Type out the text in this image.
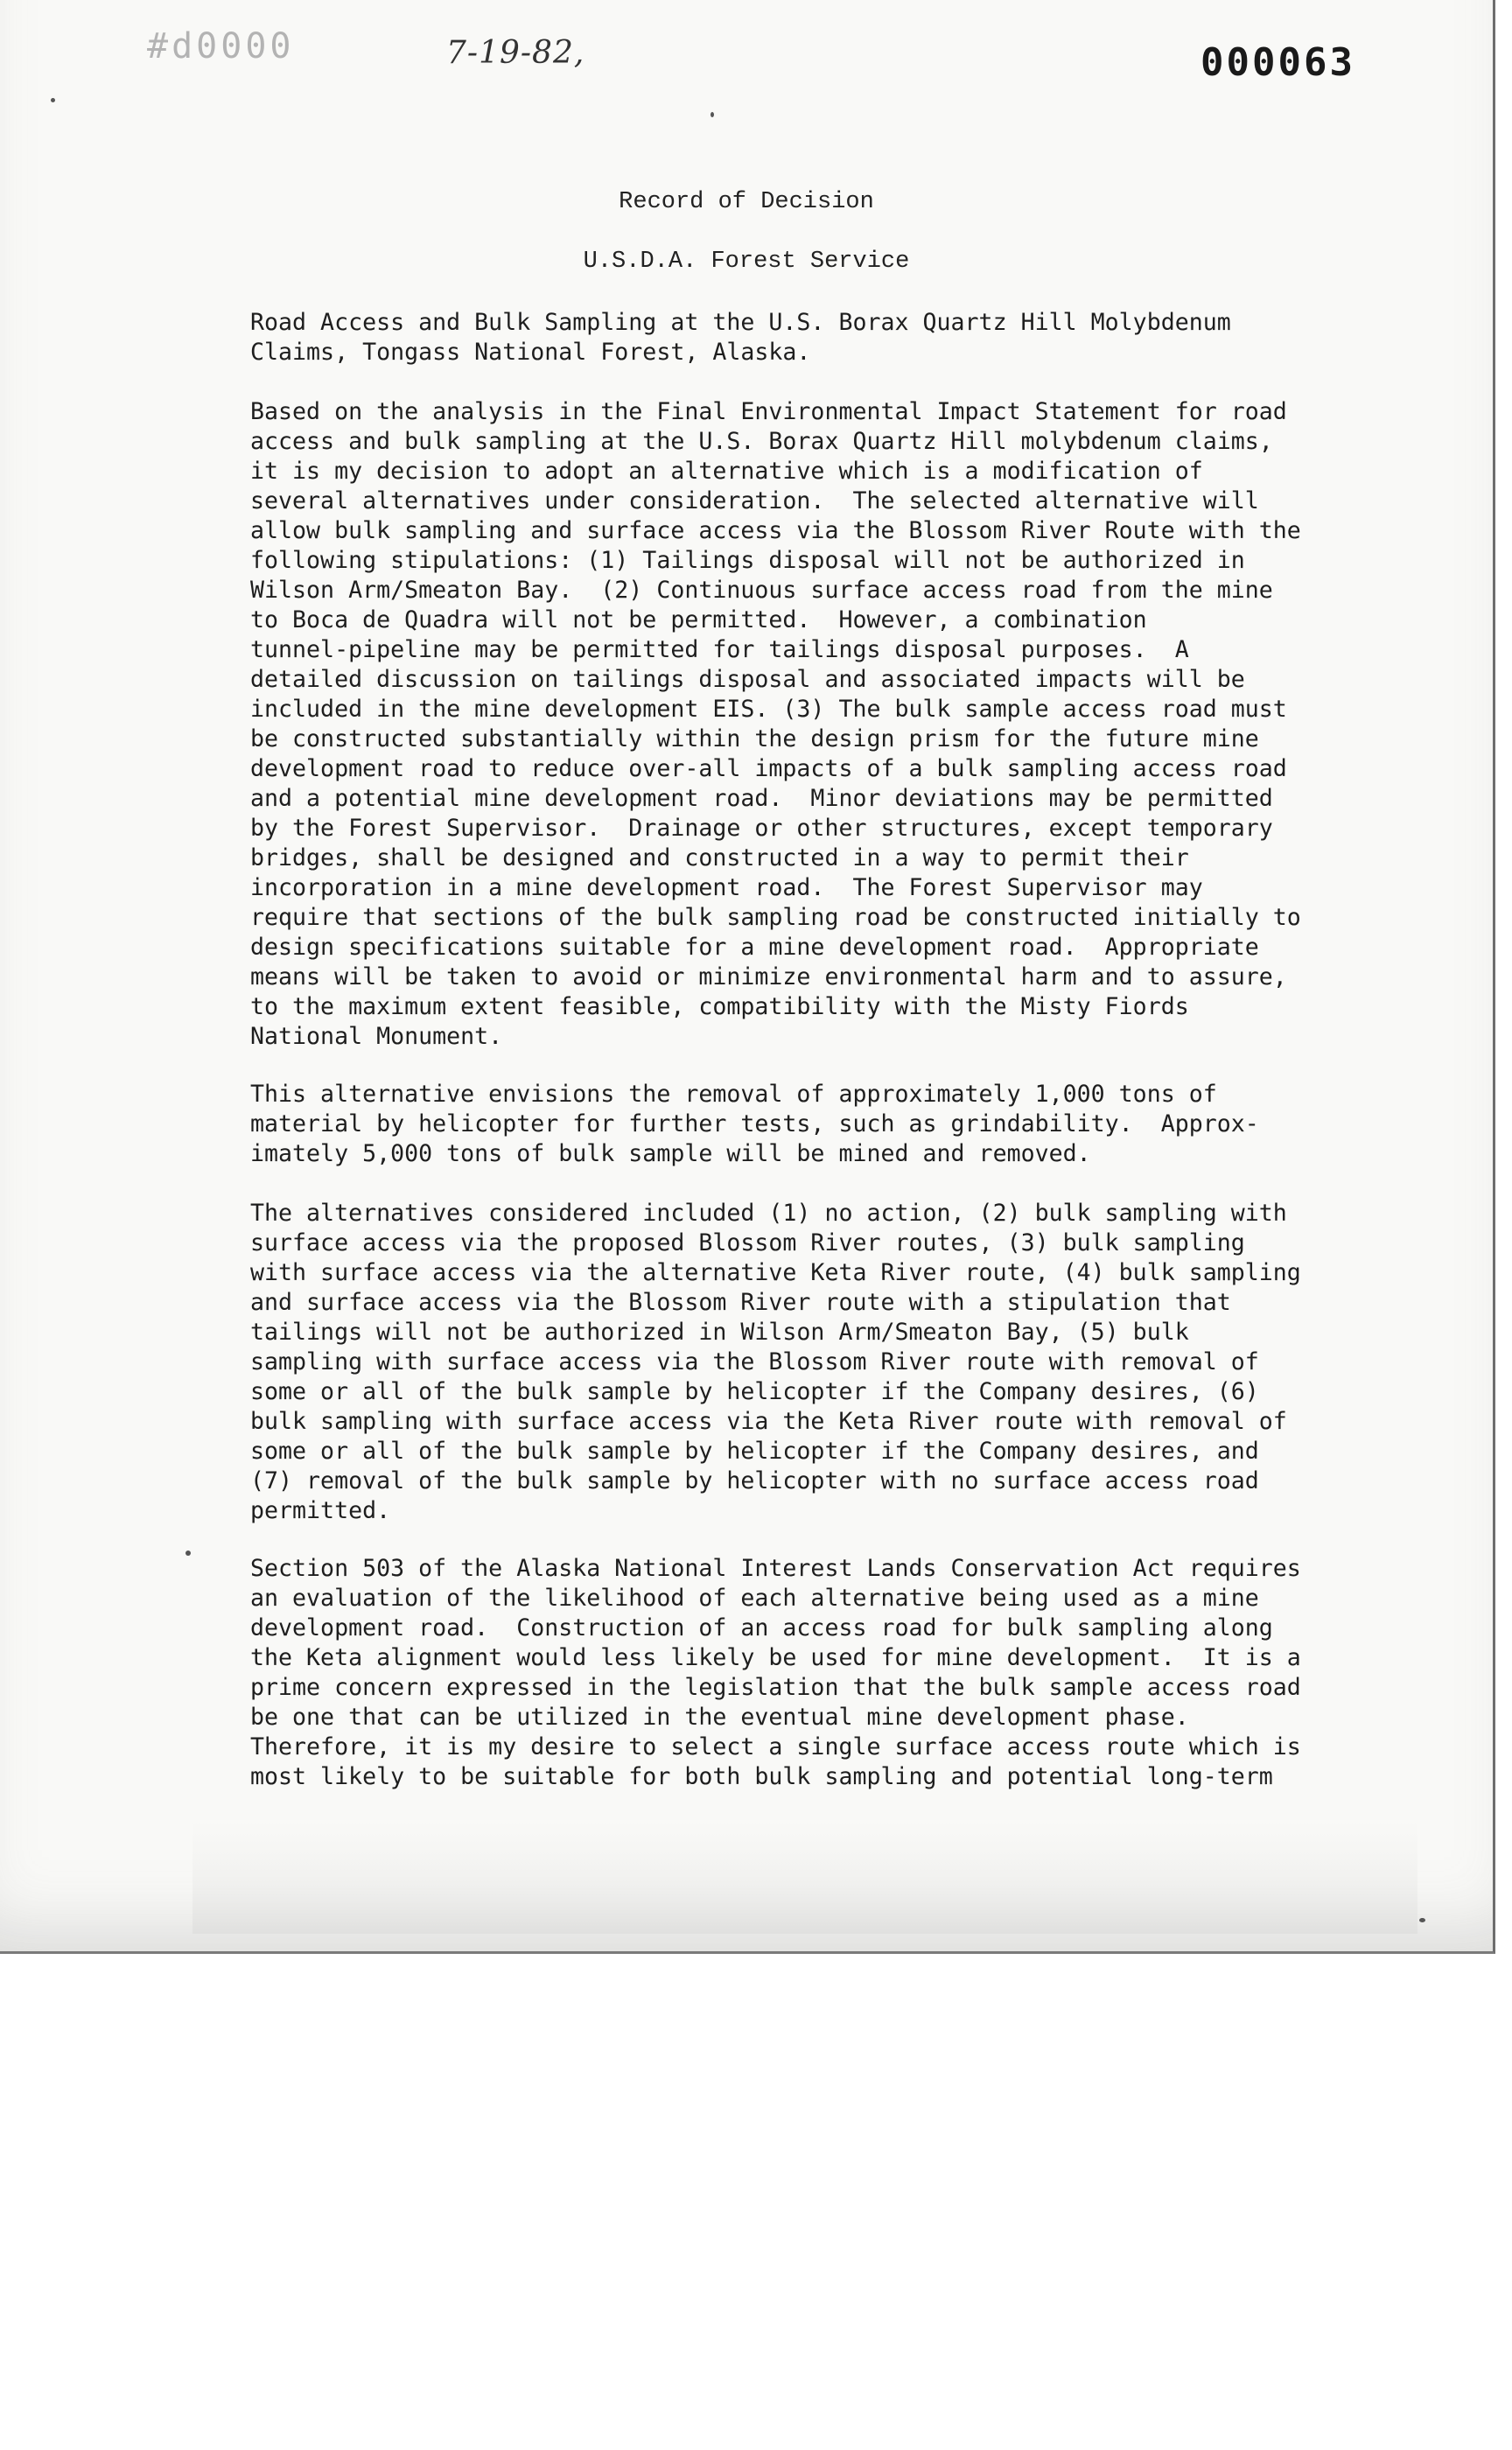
#d0000	7-19-82,	000063
Record of Decision
U.S.D.A. Forest Service
Road Access and Bulk Sampling at the U.S. Borax Quartz Hill Molybdenum
Claims, Tongass National Forest, Alaska.
Based on the analysis in the Final Environmental Impact Statement for road
access and bulk sampling at the U.S. Borax Quartz Hill molybdenum claims,
it is my decision to adopt an alternative which is a modification of
several alternatives under consideration.  The selected alternative will
allow bulk sampling and surface access via the Blossom River Route with the
following stipulations: (1) Tailings disposal will not be authorized in
Wilson Arm/Smeaton Bay.  (2) Continuous surface access road from the mine
to Boca de Quadra will not be permitted.  However, a combination
tunnel-pipeline may be permitted for tailings disposal purposes.  A
detailed discussion on tailings disposal and associated impacts will be
included in the mine development EIS. (3) The bulk sample access road must
be constructed substantially within the design prism for the future mine
development road to reduce over-all impacts of a bulk sampling access road
and a potential mine development road.  Minor deviations may be permitted
by the Forest Supervisor.  Drainage or other structures, except temporary
bridges, shall be designed and constructed in a way to permit their
incorporation in a mine development road.  The Forest Supervisor may
require that sections of the bulk sampling road be constructed initially to
design specifications suitable for a mine development road.  Appropriate
means will be taken to avoid or minimize environmental harm and to assure,
to the maximum extent feasible, compatibility with the Misty Fiords
National Monument.
This alternative envisions the removal of approximately 1,000 tons of
material by helicopter for further tests, such as grindability.  Approx-
imately 5,000 tons of bulk sample will be mined and removed.
The alternatives considered included (1) no action, (2) bulk sampling with
surface access via the proposed Blossom River routes, (3) bulk sampling
with surface access via the alternative Keta River route, (4) bulk sampling
and surface access via the Blossom River route with a stipulation that
tailings will not be authorized in Wilson Arm/Smeaton Bay, (5) bulk
sampling with surface access via the Blossom River route with removal of
some or all of the bulk sample by helicopter if the Company desires, (6)
bulk sampling with surface access via the Keta River route with removal of
some or all of the bulk sample by helicopter if the Company desires, and
(7) removal of the bulk sample by helicopter with no surface access road
permitted.
Section 503 of the Alaska National Interest Lands Conservation Act requires
an evaluation of the likelihood of each alternative being used as a mine
development road.  Construction of an access road for bulk sampling along
the Keta alignment would less likely be used for mine development.  It is a
prime concern expressed in the legislation that the bulk sample access road
be one that can be utilized in the eventual mine development phase.
Therefore, it is my desire to select a single surface access route which is
most likely to be suitable for both bulk sampling and potential long-term
